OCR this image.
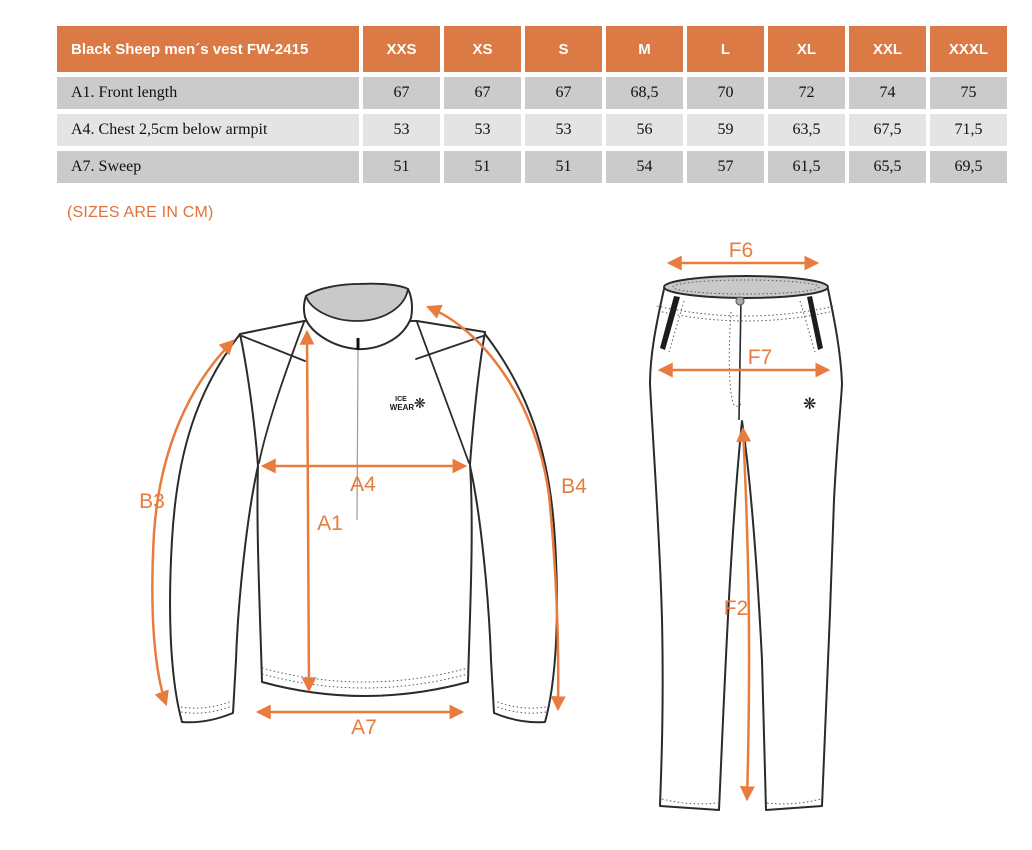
Black Sheep men´s vest FW-2415	XXS	XS	S	M	L	XL	XXL	XXXL
A1. Front length	67	67	67	68,5	70	72	74	75
A4. Chest 2,5cm below armpit	53	53	53	56	59	63,5	67,5	71,5
A7. Sweep	51	51	51	54	57	61,5	65,5	69,5
(SIZES ARE IN CM)
ICE
WEAR ❋
B3
B4
A1
A4
A7
❋
F6
F7
F2
